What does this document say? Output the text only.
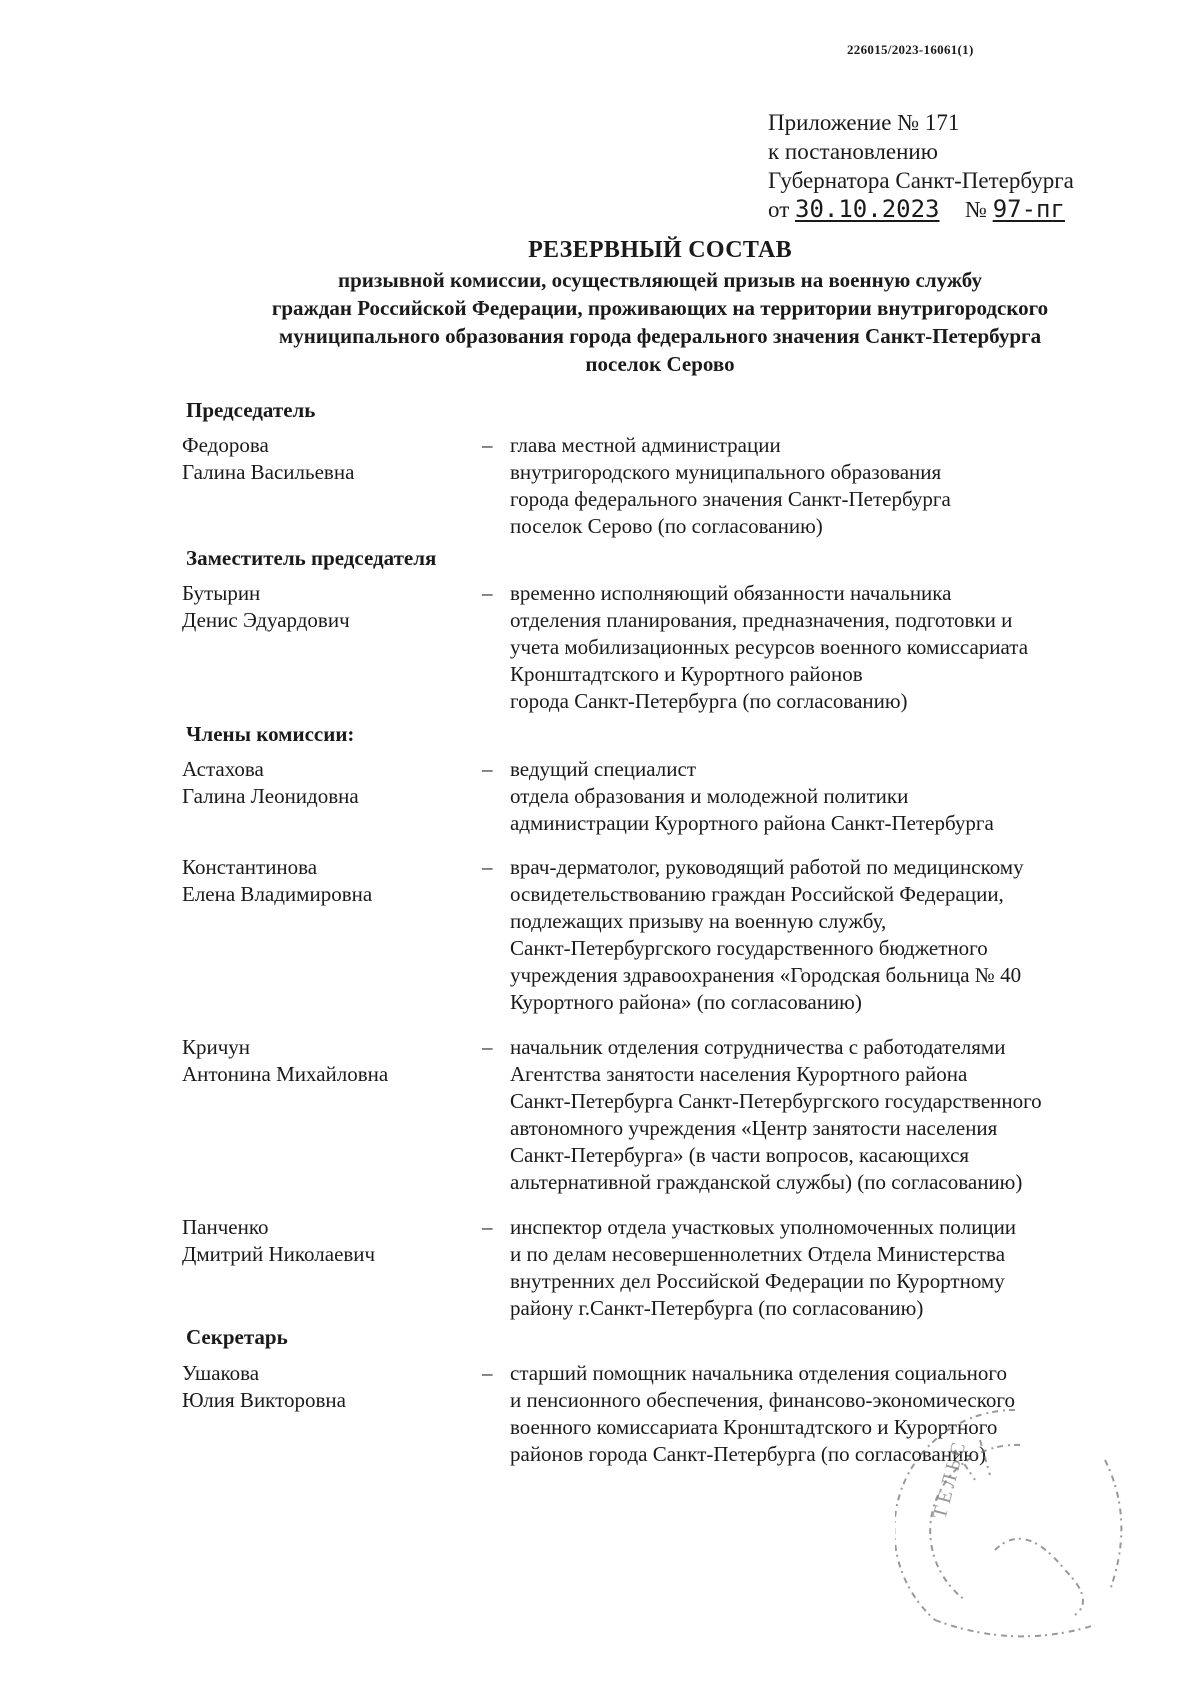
226015/2023-16061(1)
Приложение № 171
к постановлению
Губернатора Санкт-Петербурга
от 30.10.2023 № 97-пг
РЕЗЕРВНЫЙ СОСТАВ
призывной комиссии, осуществляющей призыв на военную службу
граждан Российской Федерации, проживающих на территории внутригородского
муниципального образования города федерального значения Санкт-Петербурга
поселок Серово
Председатель
Федорова
Галина Васильевна
– глава местной администрации
внутригородского муниципального образования
города федерального значения Санкт-Петербурга
поселок Серово (по согласованию)
Заместитель председателя
Бутырин
Денис Эдуардович
– временно исполняющий обязанности начальника
отделения планирования, предназначения, подготовки и
учета мобилизационных ресурсов военного комиссариата
Кронштадтского и Курортного районов
города Санкт-Петербурга (по согласованию)
Члены комиссии:
Астахова
Галина Леонидовна
– ведущий специалист
отдела образования и молодежной политики
администрации Курортного района Санкт-Петербурга
Константинова
Елена Владимировна
– врач-дерматолог, руководящий работой по медицинскому
освидетельствованию граждан Российской Федерации,
подлежащих призыву на военную службу,
Санкт-Петербургского государственного бюджетного
учреждения здравоохранения «Городская больница № 40
Курортного района» (по согласованию)
Кричун
Антонина Михайловна
– начальник отделения сотрудничества с работодателями
Агентства занятости населения Курортного района
Санкт-Петербурга Санкт-Петербургского государственного
автономного учреждения «Центр занятости населения
Санкт-Петербурга» (в части вопросов, касающихся
альтернативной гражданской службы) (по согласованию)
Панченко
Дмитрий Николаевич
– инспектор отдела участковых уполномоченных полиции
и по делам несовершеннолетних Отдела Министерства
внутренних дел Российской Федерации по Курортному
району г.Санкт-Петербурга (по согласованию)
Секретарь
Ушакова
Юлия Викторовна
– старший помощник начальника отделения социального
и пенсионного обеспечения, финансово-экономического
военного комиссариата Кронштадтского и Курортного
районов города Санкт-Петербурга (по согласованию)
ТЕЛЬС
